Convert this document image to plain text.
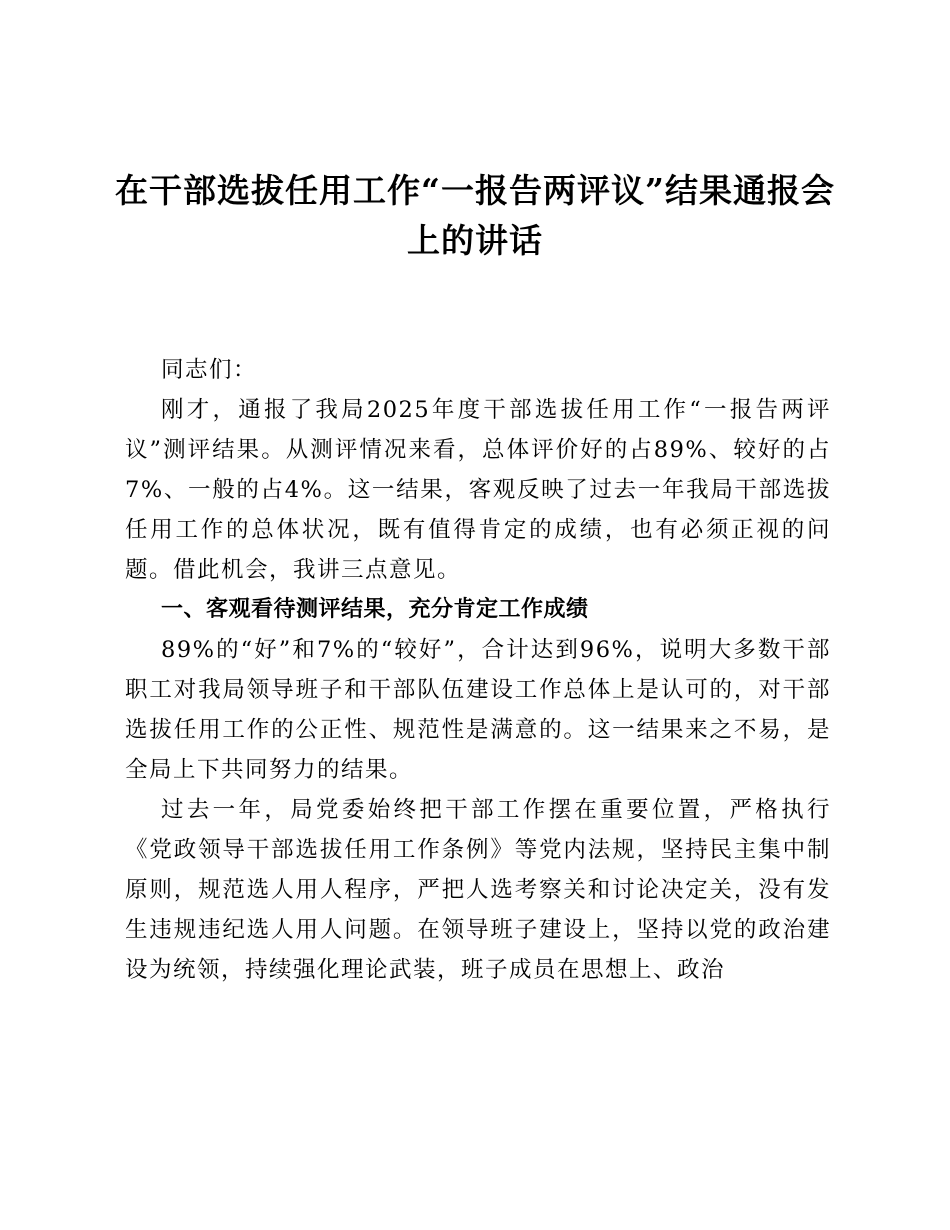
在干部选拔任用工作“一报告两评议”结果通报会上的讲话

同志们：

刚才，通报了我局2025年度干部选拔任用工作“一报告两评议”测评结果。从测评情况来看，总体评价好的占89%、较好的占7%、一般的占4%。这一结果，客观反映了过去一年我局干部选拔任用工作的总体状况，既有值得肯定的成绩，也有必须正视的问题。借此机会，我讲三点意见。

一、客观看待测评结果，充分肯定工作成绩

89%的“好”和7%的“较好”，合计达到96%，说明大多数干部职工对我局领导班子和干部队伍建设工作总体上是认可的，对干部选拔任用工作的公正性、规范性是满意的。这一结果来之不易，是全局上下共同努力的结果。

过去一年，局党委始终把干部工作摆在重要位置，严格执行《党政领导干部选拔任用工作条例》等党内法规，坚持民主集中制原则，规范选人用人程序，严把人选考察关和讨论决定关，没有发生违规违纪选人用人问题。在领导班子建设上，坚持以党的政治建设为统领，持续强化理论武装，班子成员在思想上、政治
